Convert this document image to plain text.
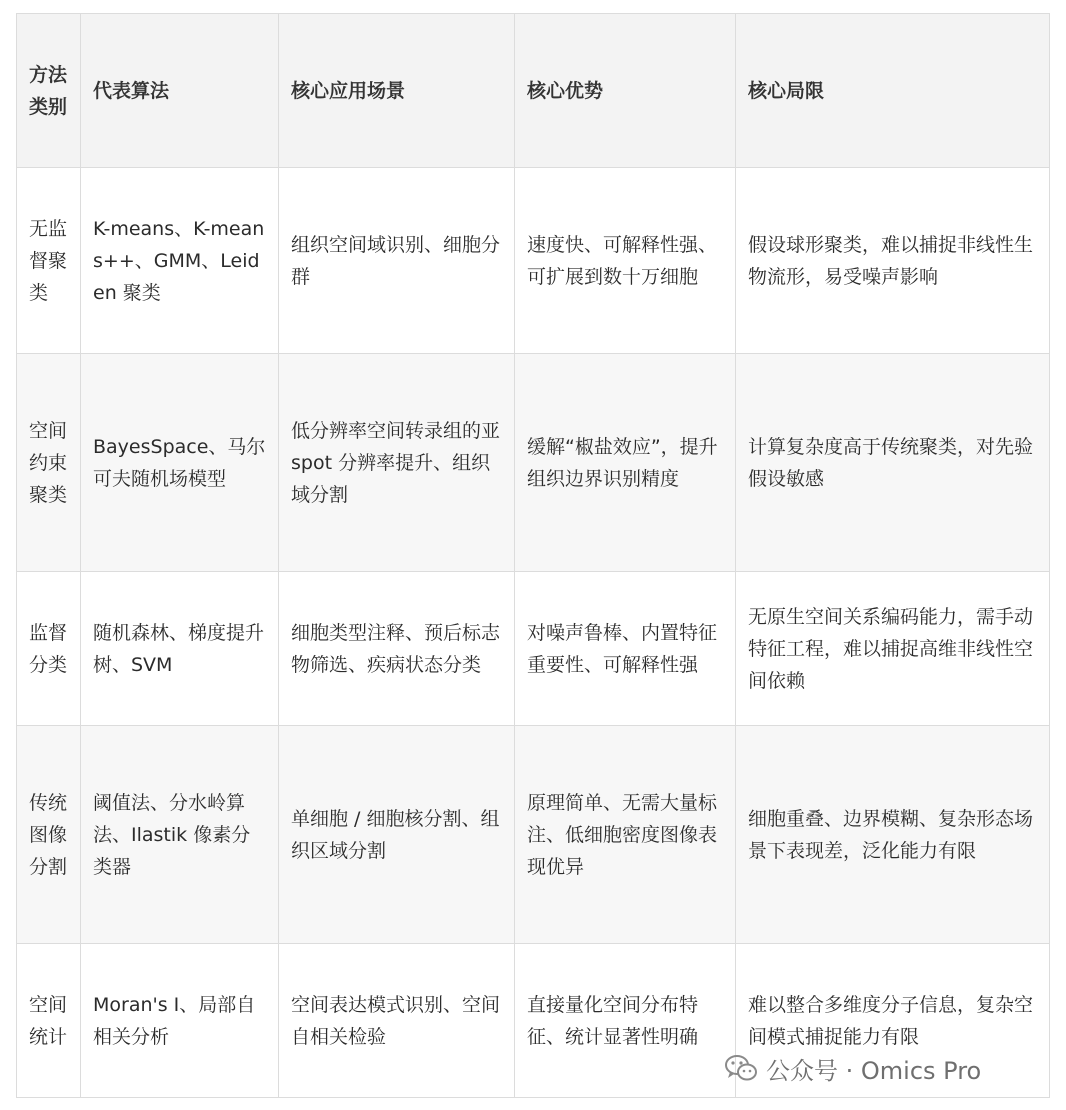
方法类别	代表算法	核心应用场景	核心优势	核心局限
无监督聚类	K-means、K-means++、GMM、Leiden 聚类	组织空间域识别、细胞分群	速度快、可解释性强、可扩展到数十万细胞	假设球形聚类，难以捕捉非线性生物流形，易受噪声影响
空间约束聚类	BayesSpace、马尔可夫随机场模型	低分辨率空间转录组的亚 spot 分辨率提升、组织域分割	缓解“椒盐效应”，提升组织边界识别精度	计算复杂度高于传统聚类，对先验假设敏感
监督分类	随机森林、梯度提升树、SVM	细胞类型注释、预后标志物筛选、疾病状态分类	对噪声鲁棒、内置特征重要性、可解释性强	无原生空间关系编码能力，需手动特征工程，难以捕捉高维非线性空间依赖
传统图像分割	阈值法、分水岭算法、Ilastik 像素分类器	单细胞 / 细胞核分割、组织区域分割	原理简单、无需大量标注、低细胞密度图像表现优异	细胞重叠、边界模糊、复杂形态场景下表现差，泛化能力有限
空间统计	Moran's I、局部自相关分析	空间表达模式识别、空间自相关检验	直接量化空间分布特征、统计显著性明确	难以整合多维度分子信息，复杂空间模式捕捉能力有限
公众号 · Omics Pro
